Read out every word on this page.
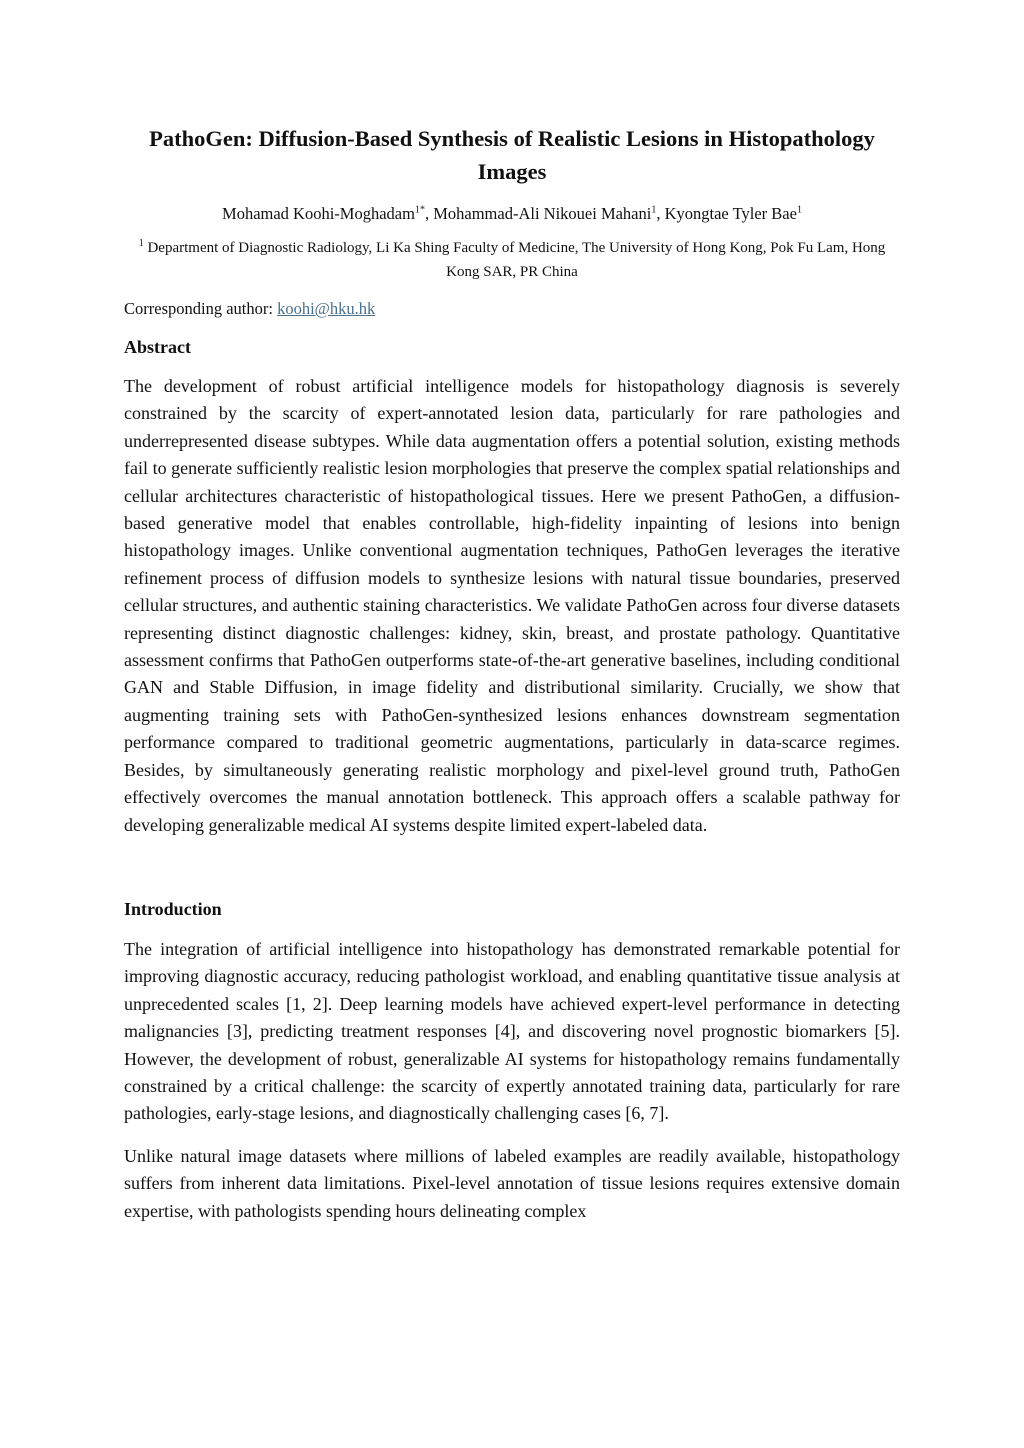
PathoGen: Diffusion-Based Synthesis of Realistic Lesions in Histopathology Images
Mohamad Koohi-Moghadam$^{1*}$, Mohammad-Ali Nikouei Mahani$^1$, Kyongtae Tyler Bae$^1$
$^1$ Department of Diagnostic Radiology, Li Ka Shing Faculty of Medicine, The University of Hong Kong, Pok Fu Lam, Hong Kong SAR, PR China
Corresponding author: koohi@hku.hk
Abstract

The development of robust artificial intelligence models for histopathology diagnosis is severely constrained by the scarcity of expert-annotated lesion data, particularly for rare pathologies and underrepresented disease subtypes. While data augmentation offers a potential solution, existing methods fail to generate sufficiently realistic lesion morphologies that preserve the complex spatial relationships and cellular architectures characteristic of histopathological tissues. Here we present PathoGen, a diffusion-based generative model that enables controllable, high-fidelity inpainting of lesions into benign histopathology images. Unlike conventional augmentation techniques, PathoGen leverages the iterative refinement process of diffusion models to synthesize lesions with natural tissue boundaries, preserved cellular structures, and authentic staining characteristics. We validate PathoGen across four diverse datasets representing distinct diagnostic challenges: kidney, skin, breast, and prostate pathology. Quantitative assessment confirms that PathoGen outperforms state-of-the-art generative baselines, including conditional GAN and Stable Diffusion, in image fidelity and distributional similarity. Crucially, we show that augmenting training sets with PathoGen-synthesized lesions enhances downstream segmentation performance compared to traditional geometric augmentations, particularly in data-scarce regimes. Besides, by simultaneously generating realistic morphology and pixel-level ground truth, PathoGen effectively overcomes the manual annotation bottleneck. This approach offers a scalable pathway for developing generalizable medical AI systems despite limited expert-labeled data.

Introduction

The integration of artificial intelligence into histopathology has demonstrated remarkable potential for improving diagnostic accuracy, reducing pathologist workload, and enabling quantitative tissue analysis at unprecedented scales [1, 2]. Deep learning models have achieved expert-level performance in detecting malignancies [3], predicting treatment responses [4], and discovering novel prognostic biomarkers [5]. However, the development of robust, generalizable AI systems for histopathology remains fundamentally constrained by a critical challenge: the scarcity of expertly annotated training data, particularly for rare pathologies, early-stage lesions, and diagnostically challenging cases [6, 7].

Unlike natural image datasets where millions of labeled examples are readily available, histopathology suffers from inherent data limitations. Pixel-level annotation of tissue lesions requires extensive domain expertise, with pathologists spending hours delineating complex
